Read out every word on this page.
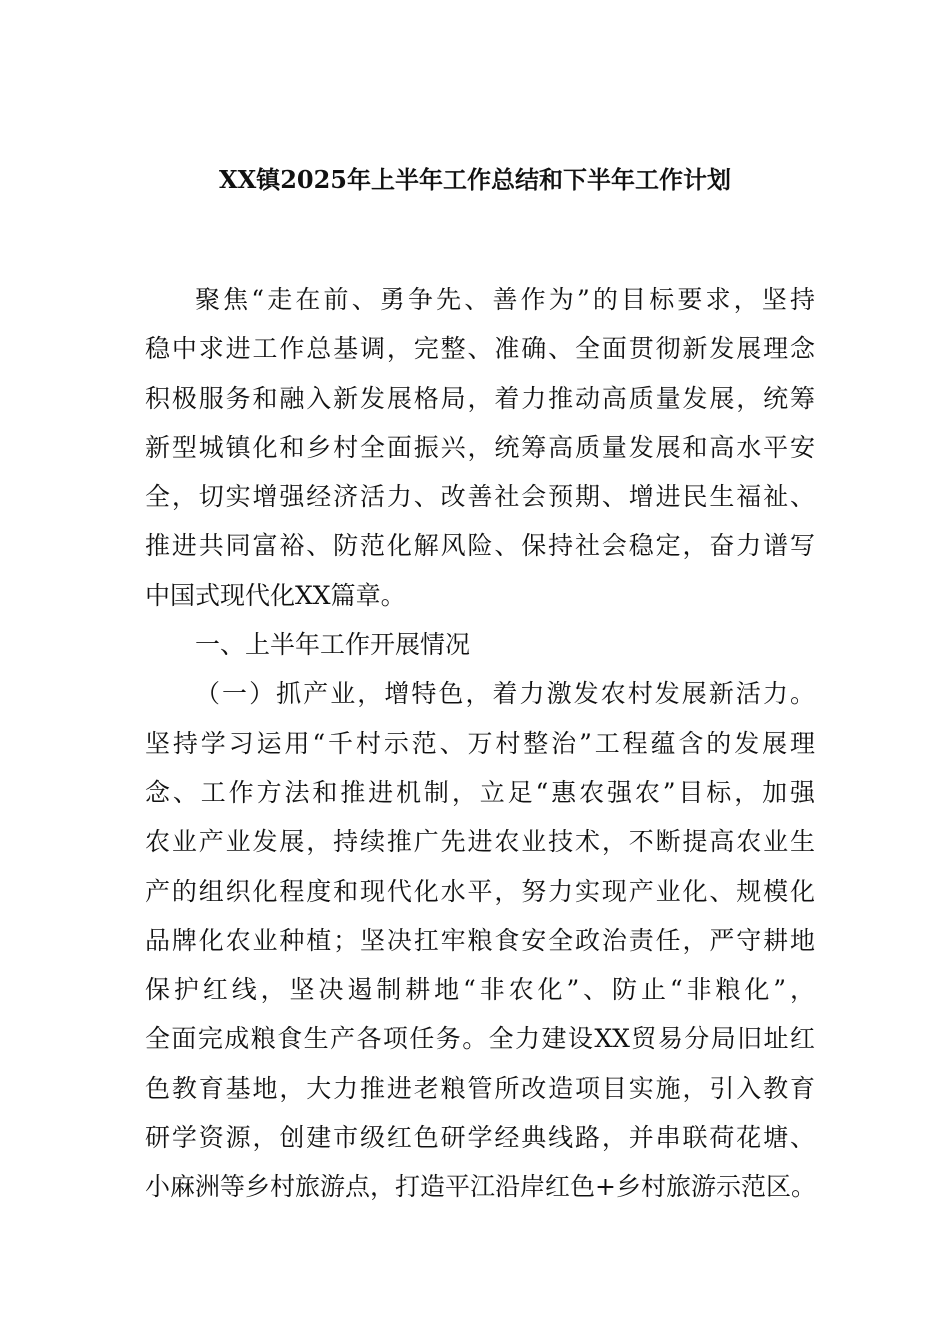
XX镇2025年上半年工作总结和下半年工作计划
聚焦“走在前、勇争先、善作为”的目标要求，坚持
稳中求进工作总基调，完整、准确、全面贯彻新发展理念
积极服务和融入新发展格局，着力推动高质量发展，统筹
新型城镇化和乡村全面振兴，统筹高质量发展和高水平安
全，切实增强经济活力、改善社会预期、增进民生福祉、
推进共同富裕、防范化解风险、保持社会稳定，奋力谱写
中国式现代化XX篇章。
一、上半年工作开展情况
（一）抓产业，增特色，着力激发农村发展新活力。
坚持学习运用“千村示范、万村整治”工程蕴含的发展理
念、工作方法和推进机制，立足“惠农强农”目标，加强
农业产业发展，持续推广先进农业技术，不断提高农业生
产的组织化程度和现代化水平，努力实现产业化、规模化
品牌化农业种植；坚决扛牢粮食安全政治责任，严守耕地
保护红线，坚决遏制耕地“非农化”、防止“非粮化”，
全面完成粮食生产各项任务。全力建设XX贸易分局旧址红
色教育基地，大力推进老粮管所改造项目实施，引入教育
研学资源，创建市级红色研学经典线路，并串联荷花塘、
小麻洲等乡村旅游点，打造平江沿岸红色+乡村旅游示范区。
